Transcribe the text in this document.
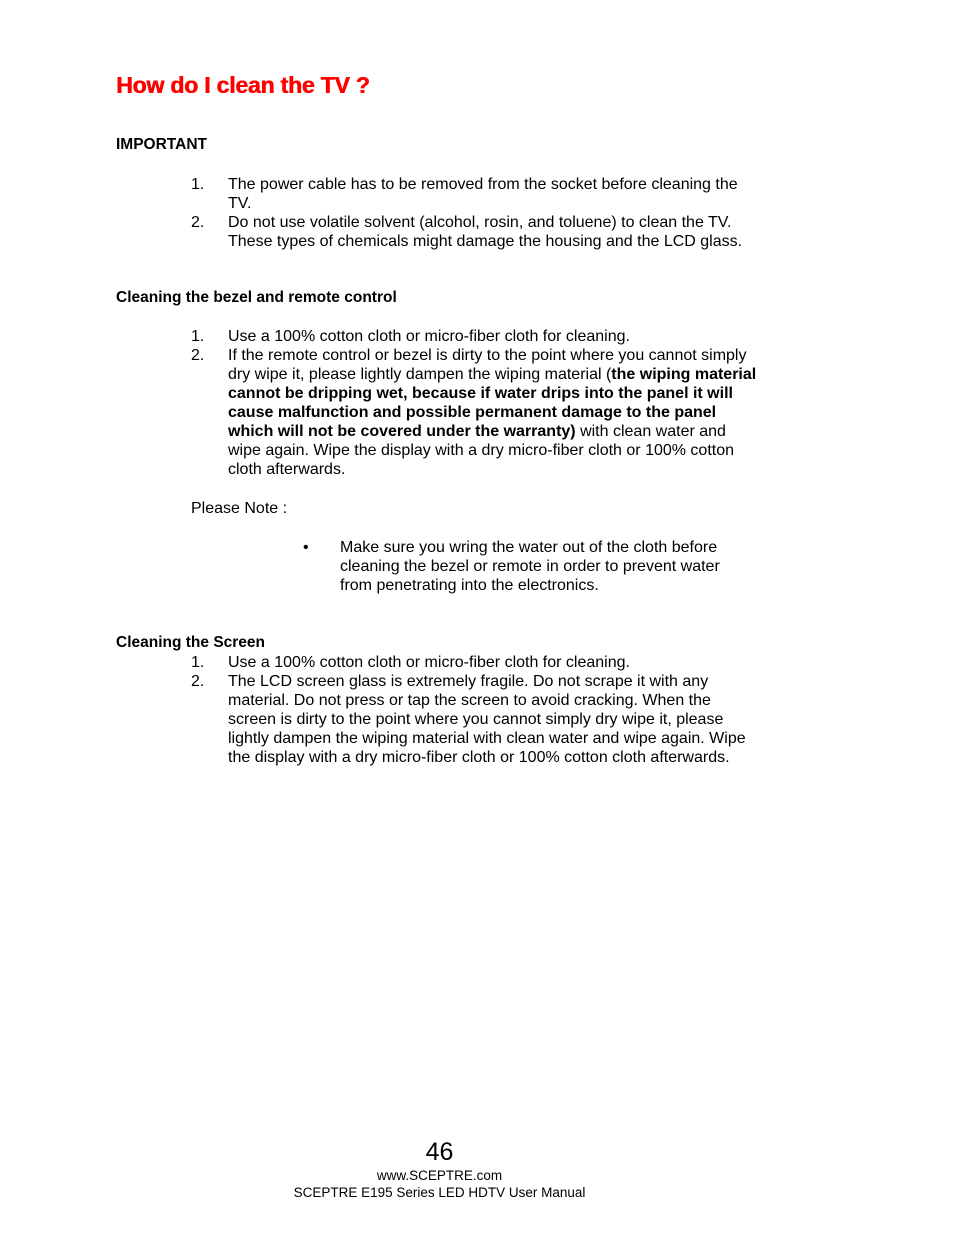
How do I clean the TV ?
IMPORTANT
1. The power cable has to be removed from the socket before cleaning the TV.
2. Do not use volatile solvent (alcohol, rosin, and toluene) to clean the TV. These types of chemicals might damage the housing and the LCD glass.
Cleaning the bezel and remote control
1. Use a 100% cotton cloth or micro-fiber cloth for cleaning.
2. If the remote control or bezel is dirty to the point where you cannot simply dry wipe it, please lightly dampen the wiping material (the wiping material cannot be dripping wet, because if water drips into the panel it will cause malfunction and possible permanent damage to the panel which will not be covered under the warranty) with clean water and wipe again. Wipe the display with a dry micro-fiber cloth or 100% cotton cloth afterwards.
Please Note :
• Make sure you wring the water out of the cloth before cleaning the bezel or remote in order to prevent water from penetrating into the electronics.
Cleaning the Screen
1. Use a 100% cotton cloth or micro-fiber cloth for cleaning.
2. The LCD screen glass is extremely fragile. Do not scrape it with any material. Do not press or tap the screen to avoid cracking. When the screen is dirty to the point where you cannot simply dry wipe it, please lightly dampen the wiping material with clean water and wipe again. Wipe the display with a dry micro-fiber cloth or 100% cotton cloth afterwards.
46
www.SCEPTRE.com
SCEPTRE E195 Series LED HDTV User Manual
